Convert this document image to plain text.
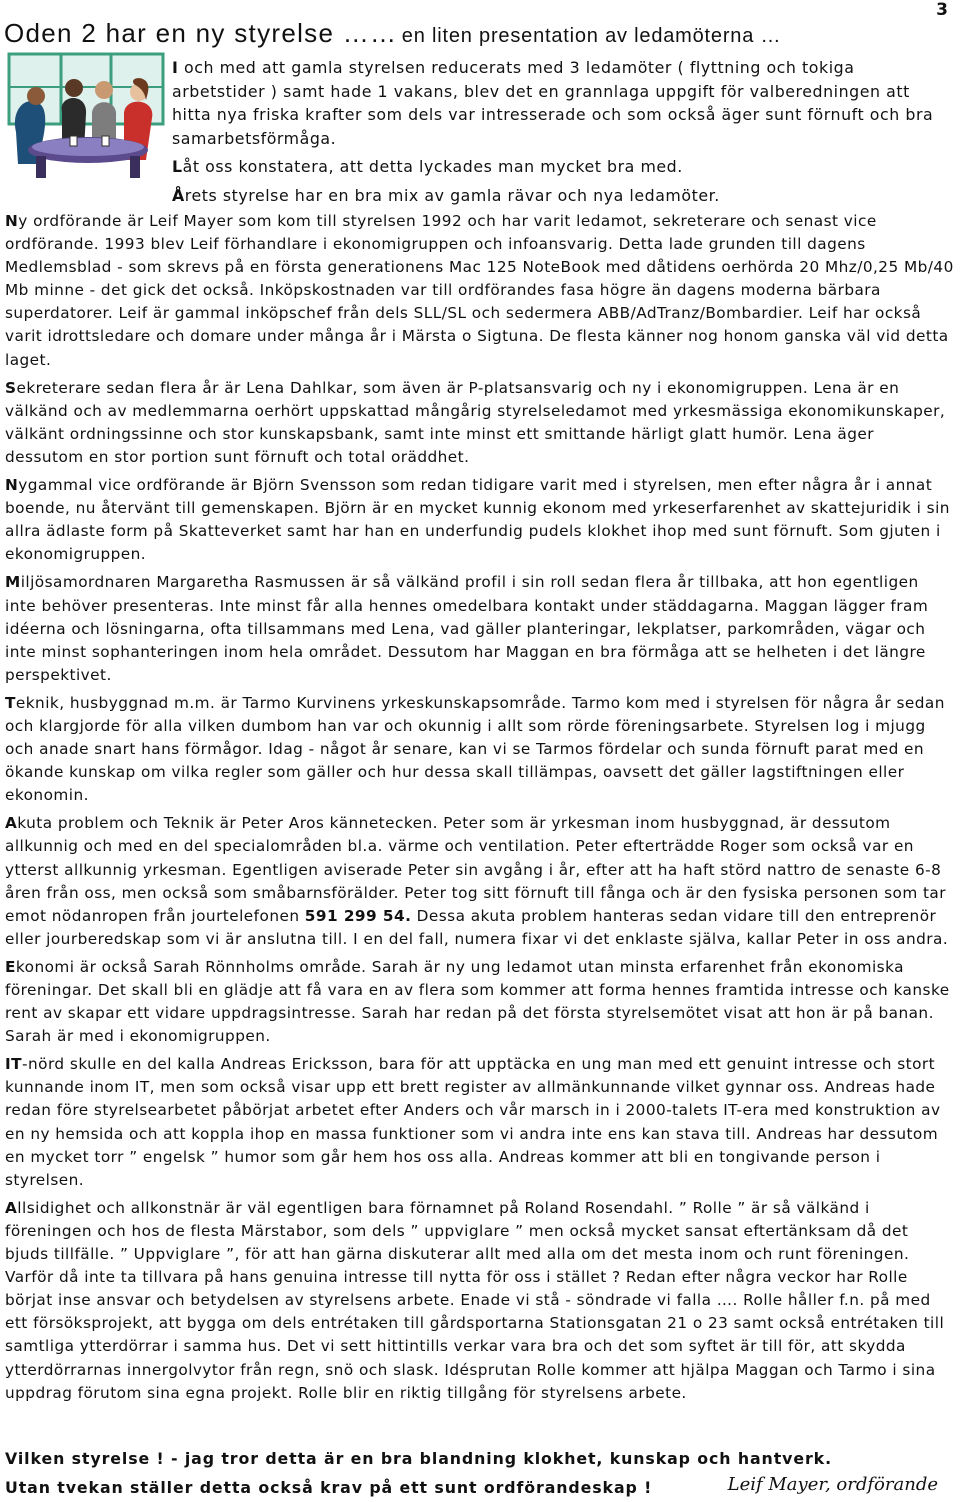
3
Oden 2 har en ny styrelse …… en liten presentation av ledamöterna …

I och med att gamla styrelsen reducerats med 3 ledamöter ( flyttning och tokiga arbetstider ) samt hade 1 vakans, blev det en grannlaga uppgift för valberedningen att hitta nya friska krafter som dels var intresserade och som också äger sunt förnuft och bra samarbetsförmåga.

Låt oss konstatera, att detta lyckades man mycket bra med.

Årets styrelse har en bra mix av gamla rävar och nya ledamöter.

Ny ordförande är Leif Mayer som kom till styrelsen 1992 och har varit ledamot, sekreterare och senast vice ordförande. 1993 blev Leif förhandlare i ekonomigruppen och infoansvarig. Detta lade grunden till dagens Medlemsblad - som skrevs på en första generationens Mac 125 NoteBook med dåtidens oerhörda 20 Mhz/0,25 Mb/40 Mb minne - det gick det också. Inköpskostnaden var till ordförandes fasa högre än dagens moderna bärbara superdatorer. Leif är gammal inköpschef från dels SLL/SL och sedermera ABB/AdTranz/Bombardier. Leif har också varit idrottsledare och domare under många år i Märsta o Sigtuna. De flesta känner nog honom ganska väl vid detta laget.

Sekreterare sedan flera år är Lena Dahlkar, som även är P-platsansvarig och ny i ekonomigruppen. Lena är en välkänd och av medlemmarna oerhört uppskattad mångårig styrelseledamot med yrkesmässiga ekonomikunskaper, välkänt ordningssinne och stor kunskapsbank, samt inte minst ett smittande härligt glatt humör. Lena äger dessutom en stor portion sunt förnuft och total oräddhet.

Nygammal vice ordförande är Björn Svensson som redan tidigare varit med i styrelsen, men efter några år i annat boende, nu återvänt till gemenskapen. Björn är en mycket kunnig ekonom med yrkeserfarenhet av skattejuridik i sin allra ädlaste form på Skatteverket samt har han en underfundig pudels klokhet ihop med sunt förnuft. Som gjuten i ekonomigruppen.

Miljösamordnaren Margaretha Rasmussen är så välkänd profil i sin roll sedan flera år tillbaka, att hon egentligen inte behöver presenteras. Inte minst får alla hennes omedelbara kontakt under städdagarna. Maggan lägger fram idéerna och lösningarna, ofta tillsammans med Lena, vad gäller planteringar, lekplatser, parkområden, vägar och inte minst sophanteringen inom hela området. Dessutom har Maggan en bra förmåga att se helheten i det längre perspektivet.

Teknik, husbyggnad m.m. är Tarmo Kurvinens yrkeskunskapsområde. Tarmo kom med i styrelsen för några år sedan och klargjorde för alla vilken dumbom han var och okunnig i allt som rörde föreningsarbete. Styrelsen log i mjugg och anade snart hans förmågor. Idag - något år senare, kan vi se Tarmos fördelar och sunda förnuft parat med en ökande kunskap om vilka regler som gäller och hur dessa skall tillämpas, oavsett det gäller lagstiftningen eller ekonomin.

Akuta problem och Teknik är Peter Aros kännetecken. Peter som är yrkesman inom husbyggnad, är dessutom allkunnig och med en del specialområden bl.a. värme och ventilation. Peter efterträdde Roger som också var en ytterst allkunnig yrkesman. Egentligen aviserade Peter sin avgång i år, efter att ha haft störd nattro de senaste 6-8 åren från oss, men också som småbarnsförälder. Peter tog sitt förnuft till fånga och är den fysiska personen som tar emot nödanropen från jourtelefonen 591 299 54. Dessa akuta problem hanteras sedan vidare till den entreprenör eller jourberedskap som vi är anslutna till. I en del fall, numera fixar vi det enklaste själva, kallar Peter in oss andra.

Ekonomi är också Sarah Rönnholms område. Sarah är ny ung ledamot utan minsta erfarenhet från ekonomiska föreningar. Det skall bli en glädje att få vara en av flera som kommer att forma hennes framtida intresse och kanske rent av skapar ett vidare uppdragsintresse. Sarah har redan på det första styrelsemötet visat att hon är på banan. Sarah är med i ekonomigruppen.

IT-nörd skulle en del kalla Andreas Ericksson, bara för att upptäcka en ung man med ett genuint intresse och stort kunnande inom IT, men som också visar upp ett brett register av allmänkunnande vilket gynnar oss. Andreas hade redan före styrelsearbetet påbörjat arbetet efter Anders och vår marsch in i 2000-talets IT-era med konstruktion av en ny hemsida och att koppla ihop en massa funktioner som vi andra inte ens kan stava till. Andreas har dessutom en mycket torr ” engelsk ” humor som går hem hos oss alla. Andreas kommer att bli en tongivande person i styrelsen.

Allsidighet och allkonstnär är väl egentligen bara förnamnet på Roland Rosendahl. ” Rolle ” är så välkänd i föreningen och hos de flesta Märstabor, som dels ” uppviglare ” men också mycket sansat eftertänksam då det bjuds tillfälle. ” Uppviglare ”, för att han gärna diskuterar allt med alla om det mesta inom och runt föreningen. Varför då inte ta tillvara på hans genuina intresse till nytta för oss i stället ? Redan efter några veckor har Rolle börjat inse ansvar och betydelsen av styrelsens arbete. Enade vi stå - söndrade vi falla …. Rolle håller f.n. på med ett försöksprojekt, att bygga om dels entrétaken till gårdsportarna Stationsgatan 21 o 23 samt också entrétaken till samtliga ytterdörrar i samma hus. Det vi sett hittintills verkar vara bra och det som syftet är till för, att skydda ytterdörrarnas innergolvytor från regn, snö och slask. Idésprutan Rolle kommer att hjälpa Maggan och Tarmo i sina uppdrag förutom sina egna projekt. Rolle blir en riktig tillgång för styrelsens arbete.

Vilken styrelse ! - jag tror detta är en bra blandning klokhet, kunskap och hantverk.
Utan tvekan ställer detta också krav på ett sunt ordförandeskap !	Leif Mayer, ordförande
